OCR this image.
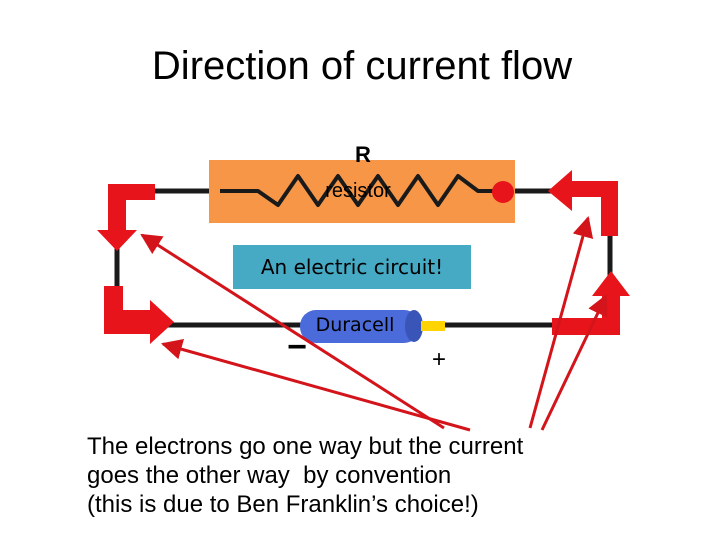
Direction of current flow
R
resistor
An electric circuit!
Duracell
−	+
The electrons go one way but the current
goes the other way  by convention
(this is due to Ben Franklin’s choice!)
